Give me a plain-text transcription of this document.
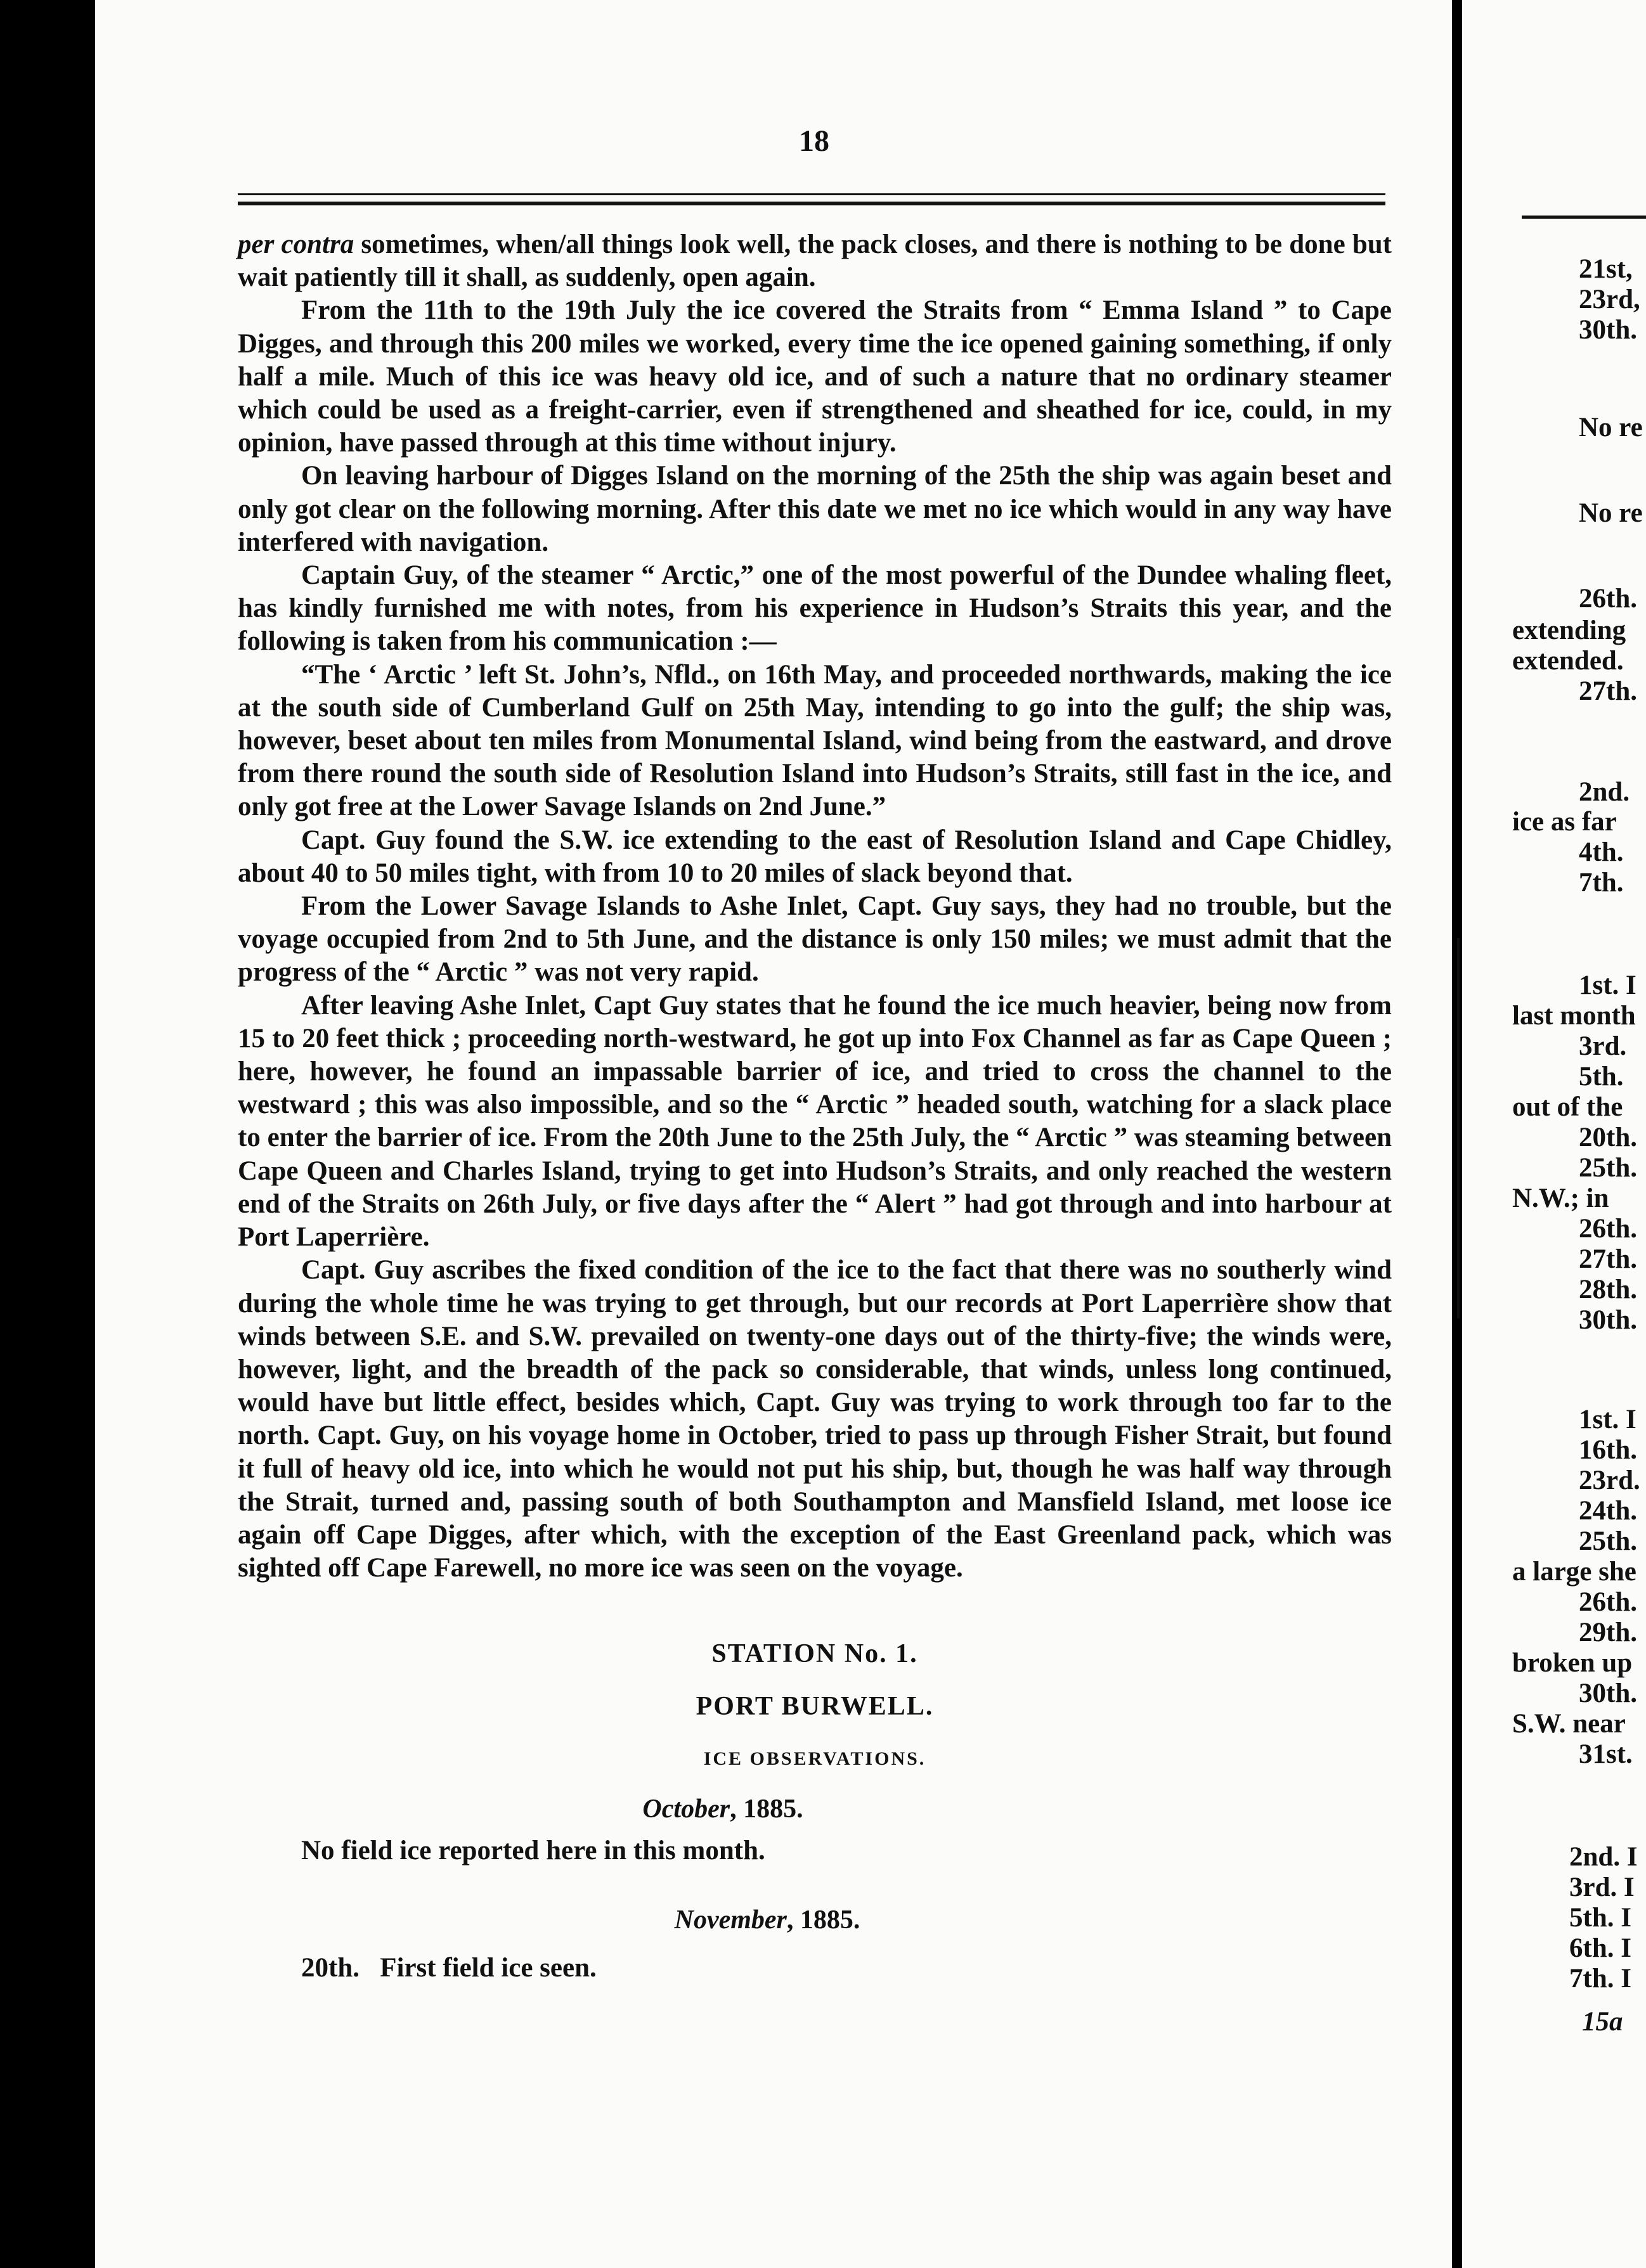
18

per contra sometimes, when/all things look well, the pack closes, and there is nothing to be done but wait patiently till it shall, as suddenly, open again.

From the 11th to the 19th July the ice covered the Straits from “ Emma Island ” to Cape Digges, and through this 200 miles we worked, every time the ice opened gaining something, if only half a mile. Much of this ice was heavy old ice, and of such a nature that no ordinary steamer which could be used as a freight-carrier, even if strengthened and sheathed for ice, could, in my opinion, have passed through at this time without injury.

On leaving harbour of Digges Island on the morning of the 25th the ship was again beset and only got clear on the following morning. After this date we met no ice which would in any way have interfered with navigation.

Captain Guy, of the steamer “ Arctic,” one of the most powerful of the Dundee whaling fleet, has kindly furnished me with notes, from his experience in Hudson’s Straits this year, and the following is taken from his communication :—

“The ‘ Arctic ’ left St. John’s, Nfld., on 16th May, and proceeded northwards, making the ice at the south side of Cumberland Gulf on 25th May, intending to go into the gulf; the ship was, however, beset about ten miles from Monumental Island, wind being from the eastward, and drove from there round the south side of Resolution Island into Hudson’s Straits, still fast in the ice, and only got free at the Lower Savage Islands on 2nd June.”

Capt. Guy found the S.W. ice extending to the east of Resolution Island and Cape Chidley, about 40 to 50 miles tight, with from 10 to 20 miles of slack beyond that.

From the Lower Savage Islands to Ashe Inlet, Capt. Guy says, they had no trouble, but the voyage occupied from 2nd to 5th June, and the distance is only 150 miles; we must admit that the progress of the “ Arctic ” was not very rapid.

After leaving Ashe Inlet, Capt Guy states that he found the ice much heavier, being now from 15 to 20 feet thick ; proceeding north-westward, he got up into Fox Channel as far as Cape Queen ; here, however, he found an impassable barrier of ice, and tried to cross the channel to the westward ; this was also impossible, and so the “ Arctic ” headed south, watching for a slack place to enter the barrier of ice. From the 20th June to the 25th July, the “ Arctic ” was steaming between Cape Queen and Charles Island, trying to get into Hudson’s Straits, and only reached the western end of the Straits on 26th July, or five days after the “ Alert ” had got through and into harbour at Port Laperrière.

Capt. Guy ascribes the fixed condition of the ice to the fact that there was no southerly wind during the whole time he was trying to get through, but our records at Port Laperrière show that winds between S.E. and S.W. prevailed on twenty-one days out of the thirty-five; the winds were, however, light, and the breadth of the pack so considerable, that winds, unless long continued, would have but little effect, besides which, Capt. Guy was trying to work through too far to the north. Capt. Guy, on his voyage home in October, tried to pass up through Fisher Strait, but found it full of heavy old ice, into which he would not put his ship, but, though he was half way through the Strait, turned and, passing south of both Southampton and Mansfield Island, met loose ice again off Cape Digges, after which, with the exception of the East Greenland pack, which was sighted off Cape Farewell, no more ice was seen on the voyage.

STATION No. 1.
PORT BURWELL.
ICE OBSERVATIONS.
October, 1885.
No field ice reported here in this month.
November, 1885.
20th.   First field ice seen.
21st,
23rd,
30th.
No re
No re
26th.
extending
extended.
27th.
2nd.
ice as far
4th.
7th.
1st. I
last month
3rd.
5th.
out of the
20th.
25th.
N.W.; in
26th.
27th.
28th.
30th.
1st. I
16th.
23rd.
24th.
25th.
a large she
26th.
29th.
broken up
30th.
S.W. near
31st.
2nd. I
3rd. I
5th. I
6th. I
7th. I
15a
